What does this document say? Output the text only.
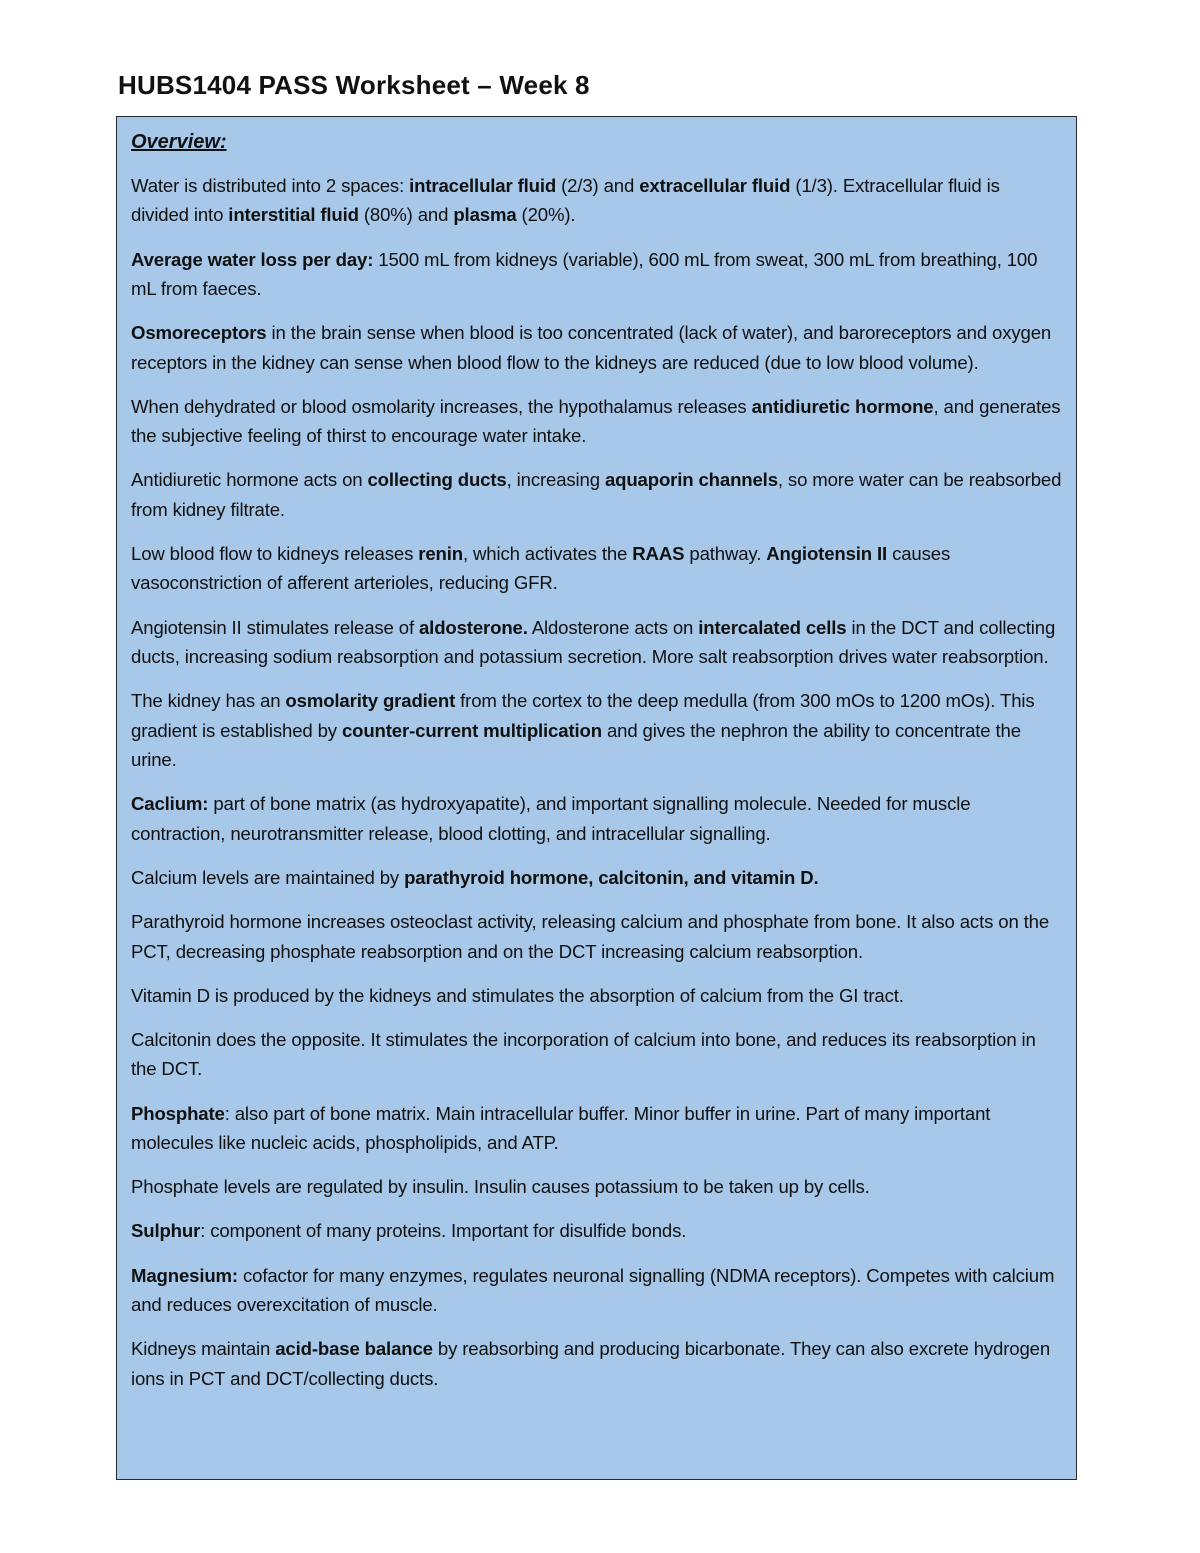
HUBS1404 PASS Worksheet – Week 8
Overview:

Water is distributed into 2 spaces: intracellular fluid (2/3) and extracellular fluid (1/3). Extracellular fluid is divided into interstitial fluid (80%) and plasma (20%).

Average water loss per day: 1500 mL from kidneys (variable), 600 mL from sweat, 300 mL from breathing, 100 mL from faeces.

Osmoreceptors in the brain sense when blood is too concentrated (lack of water), and baroreceptors and oxygen receptors in the kidney can sense when blood flow to the kidneys are reduced (due to low blood volume).

When dehydrated or blood osmolarity increases, the hypothalamus releases antidiuretic hormone, and generates the subjective feeling of thirst to encourage water intake.

Antidiuretic hormone acts on collecting ducts, increasing aquaporin channels, so more water can be reabsorbed from kidney filtrate.

Low blood flow to kidneys releases renin, which activates the RAAS pathway. Angiotensin II causes vasoconstriction of afferent arterioles, reducing GFR.

Angiotensin II stimulates release of aldosterone. Aldosterone acts on intercalated cells in the DCT and collecting ducts, increasing sodium reabsorption and potassium secretion. More salt reabsorption drives water reabsorption.

The kidney has an osmolarity gradient from the cortex to the deep medulla (from 300 mOs to 1200 mOs). This gradient is established by counter-current multiplication and gives the nephron the ability to concentrate the urine.

Caclium: part of bone matrix (as hydroxyapatite), and important signalling molecule. Needed for muscle contraction, neurotransmitter release, blood clotting, and intracellular signalling.

Calcium levels are maintained by parathyroid hormone, calcitonin, and vitamin D.

Parathyroid hormone increases osteoclast activity, releasing calcium and phosphate from bone. It also acts on the PCT, decreasing phosphate reabsorption and on the DCT increasing calcium reabsorption.

Vitamin D is produced by the kidneys and stimulates the absorption of calcium from the GI tract.

Calcitonin does the opposite. It stimulates the incorporation of calcium into bone, and reduces its reabsorption in the DCT.

Phosphate: also part of bone matrix. Main intracellular buffer. Minor buffer in urine. Part of many important molecules like nucleic acids, phospholipids, and ATP.

Phosphate levels are regulated by insulin. Insulin causes potassium to be taken up by cells.

Sulphur: component of many proteins. Important for disulfide bonds.

Magnesium: cofactor for many enzymes, regulates neuronal signalling (NDMA receptors). Competes with calcium and reduces overexcitation of muscle.

Kidneys maintain acid-base balance by reabsorbing and producing bicarbonate. They can also excrete hydrogen ions in PCT and DCT/collecting ducts.
